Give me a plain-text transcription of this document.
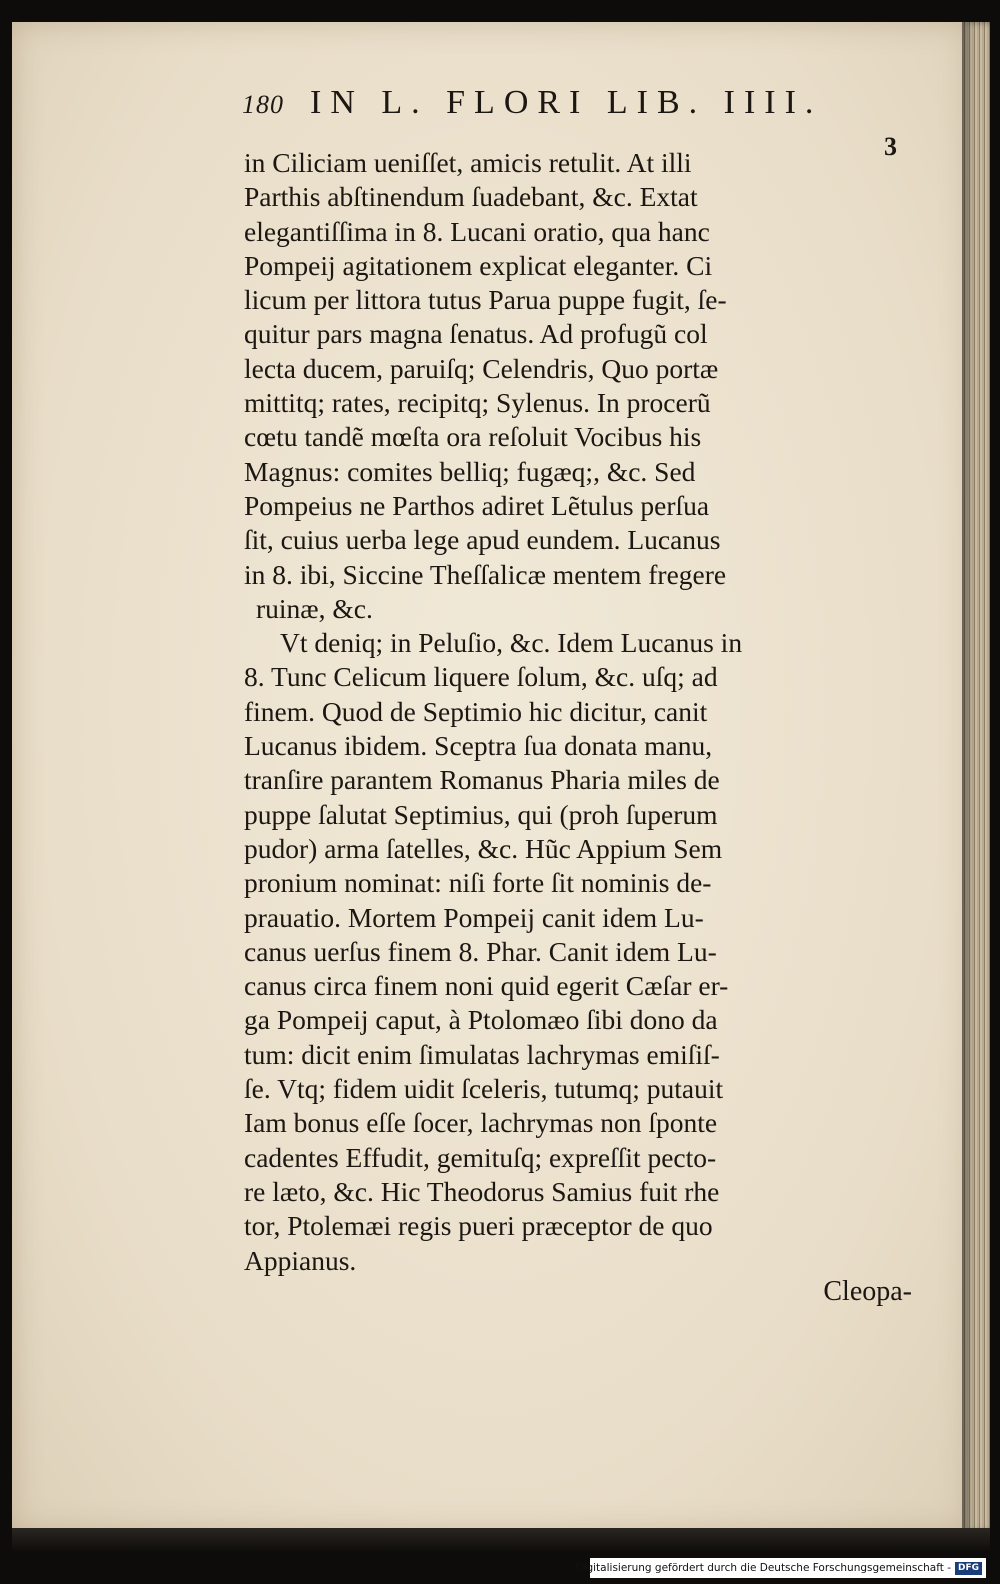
180 IN L. FLORI LIB. IIII.
3
in Ciliciam ueniſſet, amicis retulit. At illi
Parthis abſtinendum ſuadebant, &c. Extat
elegantiſſima in 8. Lucani oratio, qua hanc
Pompeij agitationem explicat eleganter. Ci
licum per littora tutus Parua puppe fugit, ſe-
quitur pars magna ſenatus. Ad profugũ col
lecta ducem, paruiſq; Celendris, Quo portæ
mittitq; rates, recipitq; Sylenus. In procerũ
cœtu tandẽ mœſta ora reſoluit Vocibus his
Magnus: comites belliq; fugæq;, &c. Sed
Pompeius ne Parthos adiret Lẽtulus perſua
ſit, cuius uerba lege apud eundem. Lucanus
in 8. ibi, Siccine Theſſalicæ mentem fregere
ruinæ, &c.
Vt deniq; in Peluſio, &c. Idem Lucanus in
8. Tunc Celicum liquere ſolum, &c. uſq; ad
finem. Quod de Septimio hic dicitur, canit
Lucanus ibidem. Sceptra ſua donata manu,
tranſire parantem Romanus Pharia miles de
puppe ſalutat Septimius, qui (proh ſuperum
pudor) arma ſatelles, &c. Hũc Appium Sem
pronium nominat: niſi forte ſit nominis de-
prauatio. Mortem Pompeij canit idem Lu-
canus uerſus finem 8. Phar. Canit idem Lu-
canus circa finem noni quid egerit Cæſar er-
ga Pompeij caput, à Ptolomæo ſibi dono da
tum: dicit enim ſimulatas lachrymas emiſiſ-
ſe. Vtq; fidem uidit ſceleris, tutumq; putauit
Iam bonus eſſe ſocer, lachrymas non ſponte
cadentes Effudit, gemituſq; expreſſit pecto-
re læto, &c. Hic Theodorus Samius fuit rhe
tor, Ptolemæi regis pueri præceptor de quo
Appianus.
Cleopa-
Digitalisierung gefördert durch die Deutsche Forschungsgemeinschaft - DFG
